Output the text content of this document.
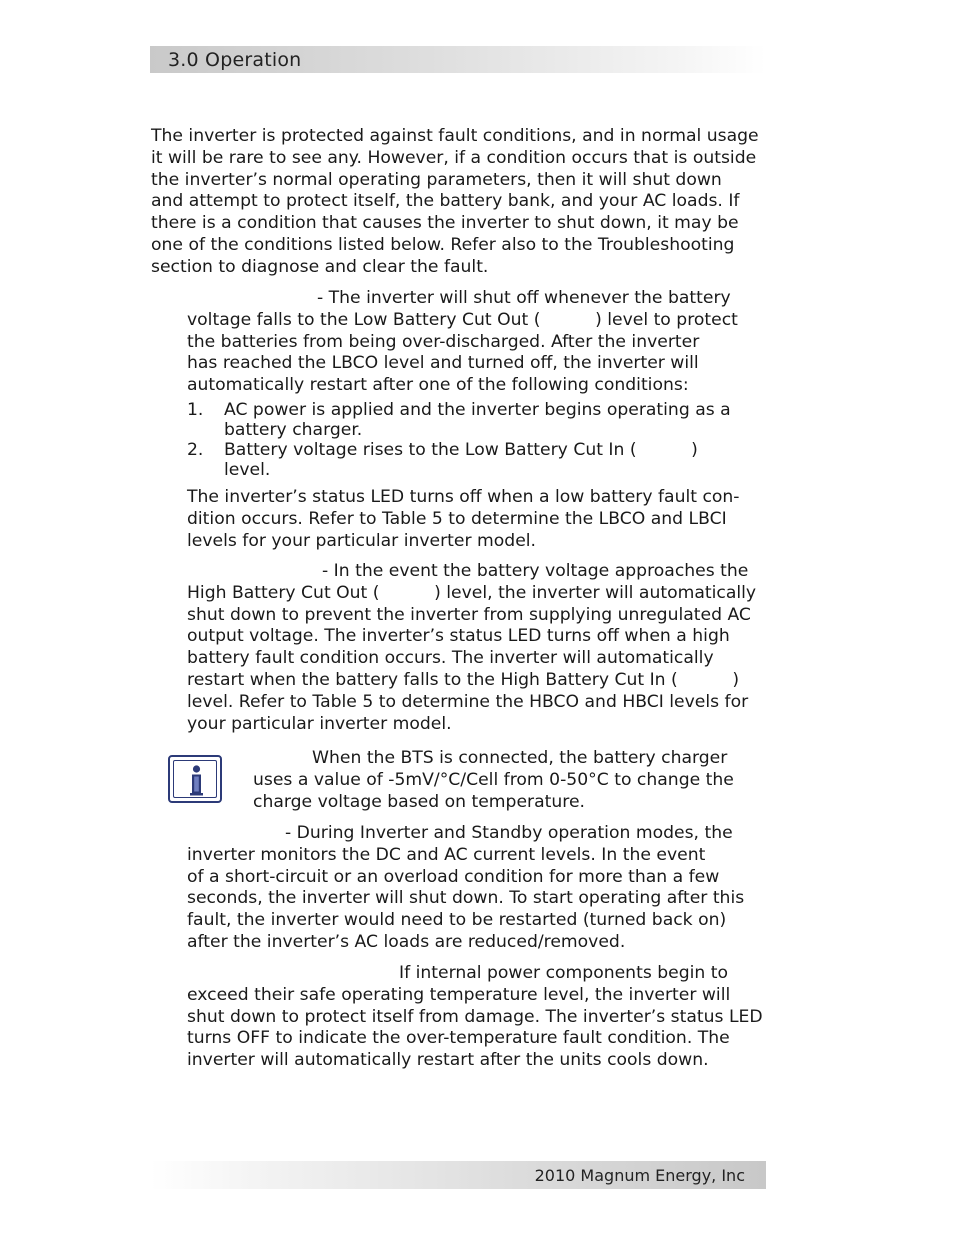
3.0 Operation
The inverter is protected against fault conditions, and in normal usage
it will be rare to see any. However, if a condition occurs that is outside
the inverter’s normal operating parameters, then it will shut down
and attempt to protect itself, the battery bank, and your AC loads. If
there is a condition that causes the inverter to shut down, it may be
one of the conditions listed below. Refer also to the Troubleshooting
section to diagnose and clear the fault.
- The inverter will shut off whenever the battery
voltage falls to the Low Battery Cut Out (          ) level to protect
the batteries from being over-discharged. After the inverter
has reached the LBCO level and turned off, the inverter will
automatically restart after one of the following conditions:
1. AC power is applied and the inverter begins operating as a
battery charger.
2. Battery voltage rises to the Low Battery Cut In (          )
level.
The inverter’s status LED turns off when a low battery fault con-
dition occurs. Refer to Table 5 to determine the LBCO and LBCI
levels for your particular inverter model.
- In the event the battery voltage approaches the
High Battery Cut Out (          ) level, the inverter will automatically
shut down to prevent the inverter from supplying unregulated AC
output voltage. The inverter’s status LED turns off when a high
battery fault condition occurs. The inverter will automatically
restart when the battery falls to the High Battery Cut In (          )
level. Refer to Table 5 to determine the HBCO and HBCI levels for
your particular inverter model.
When the BTS is connected, the battery charger
uses a value of -5mV/°C/Cell from 0-50°C to change the
charge voltage based on temperature.
- During Inverter and Standby operation modes, the
inverter monitors the DC and AC current levels. In the event
of a short-circuit or an overload condition for more than a few
seconds, the inverter will shut down. To start operating after this
fault, the inverter would need to be restarted (turned back on)
after the inverter’s AC loads are reduced/removed.
If internal power components begin to
exceed their safe operating temperature level, the inverter will
shut down to protect itself from damage. The inverter’s status LED
turns OFF to indicate the over-temperature fault condition. The
inverter will automatically restart after the units cools down.
2010 Magnum Energy, Inc
